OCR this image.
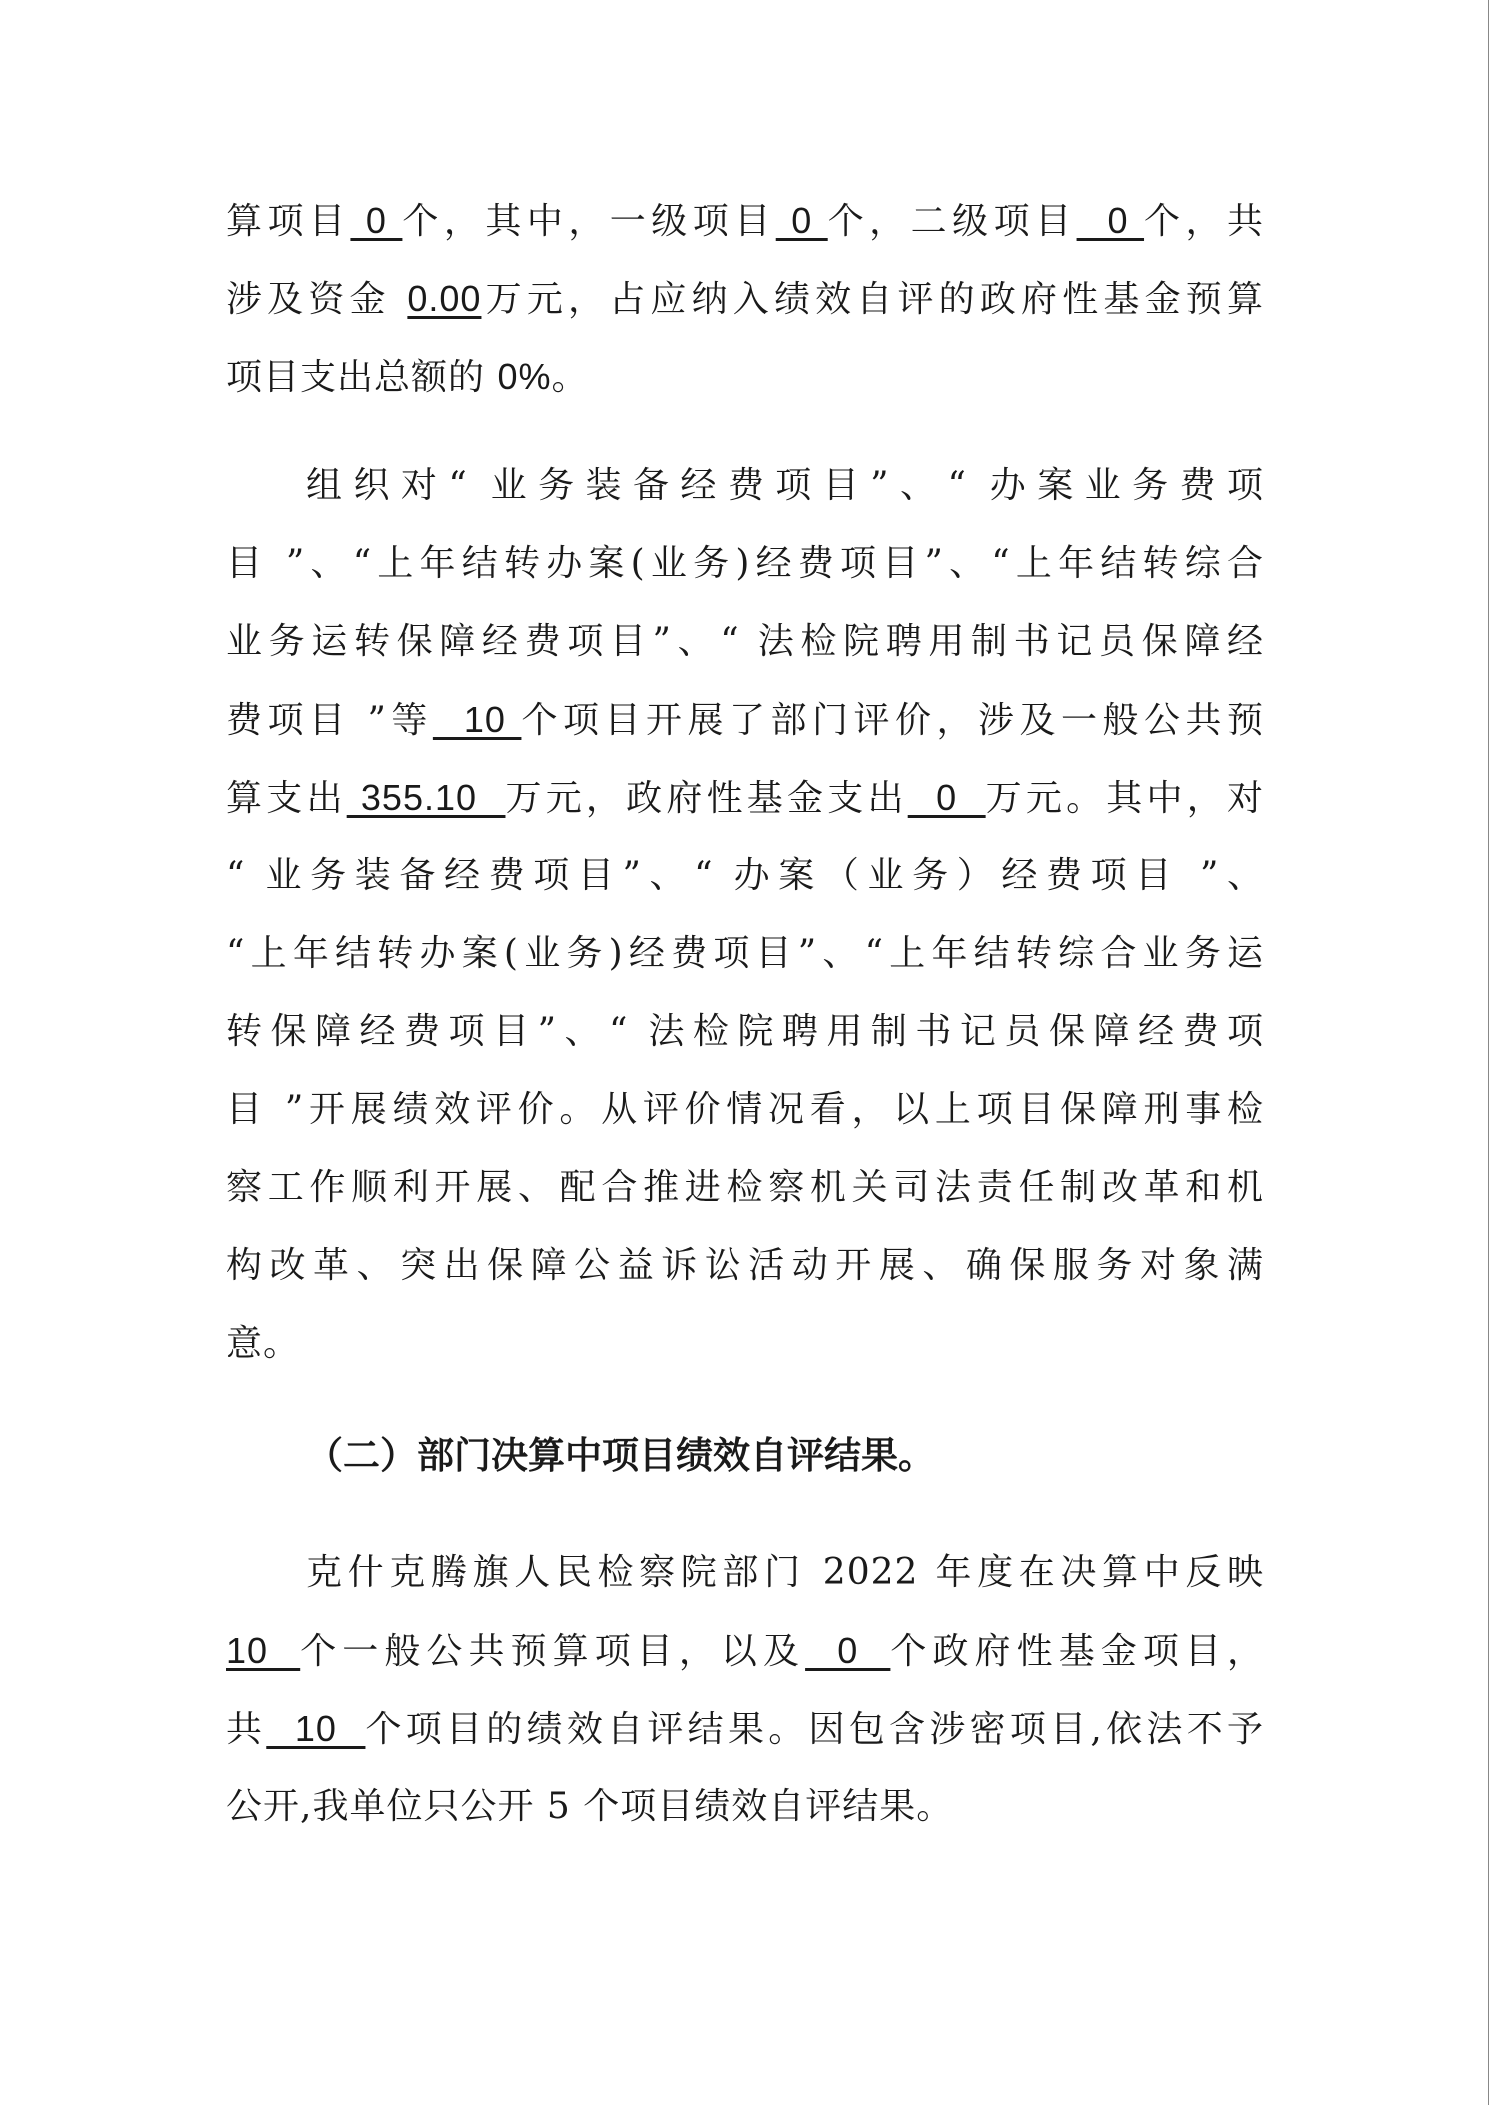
算项目 0 个，其中，一级项目 0 个，二级项目  0 个，共
涉及资金 0.00万元，占应纳入绩效自评的政府性基金预算
项目支出总额的 0%。
组织对“ 业务装备经费项目”、“ 办案业务费项
目 ”、“上年结转办案(业务)经费项目”、“上年结转综合
业务运转保障经费项目”、“ 法检院聘用制书记员保障经
费项目 ”等  10 个项目开展了部门评价，涉及一般公共预
算支出 355.10  万元，政府性基金支出  0  万元。其中，对
“ 业务装备经费项目”、“ 办案（业务）经费项目 ”、
“上年结转办案(业务)经费项目”、“上年结转综合业务运
转保障经费项目”、“ 法检院聘用制书记员保障经费项
目 ”开展绩效评价。从评价情况看，以上项目保障刑事检
察工作顺利开展、配合推进检察机关司法责任制改革和机
构改革、突出保障公益诉讼活动开展、确保服务对象满
意。
（二）部门决算中项目绩效自评结果。
克什克腾旗人民检察院部门 2022 年度在决算中反映
10  个一般公共预算项目，以及  0  个政府性基金项目，
共  10  个项目的绩效自评结果。因包含涉密项目,依法不予
公开,我单位只公开 5 个项目绩效自评结果。
